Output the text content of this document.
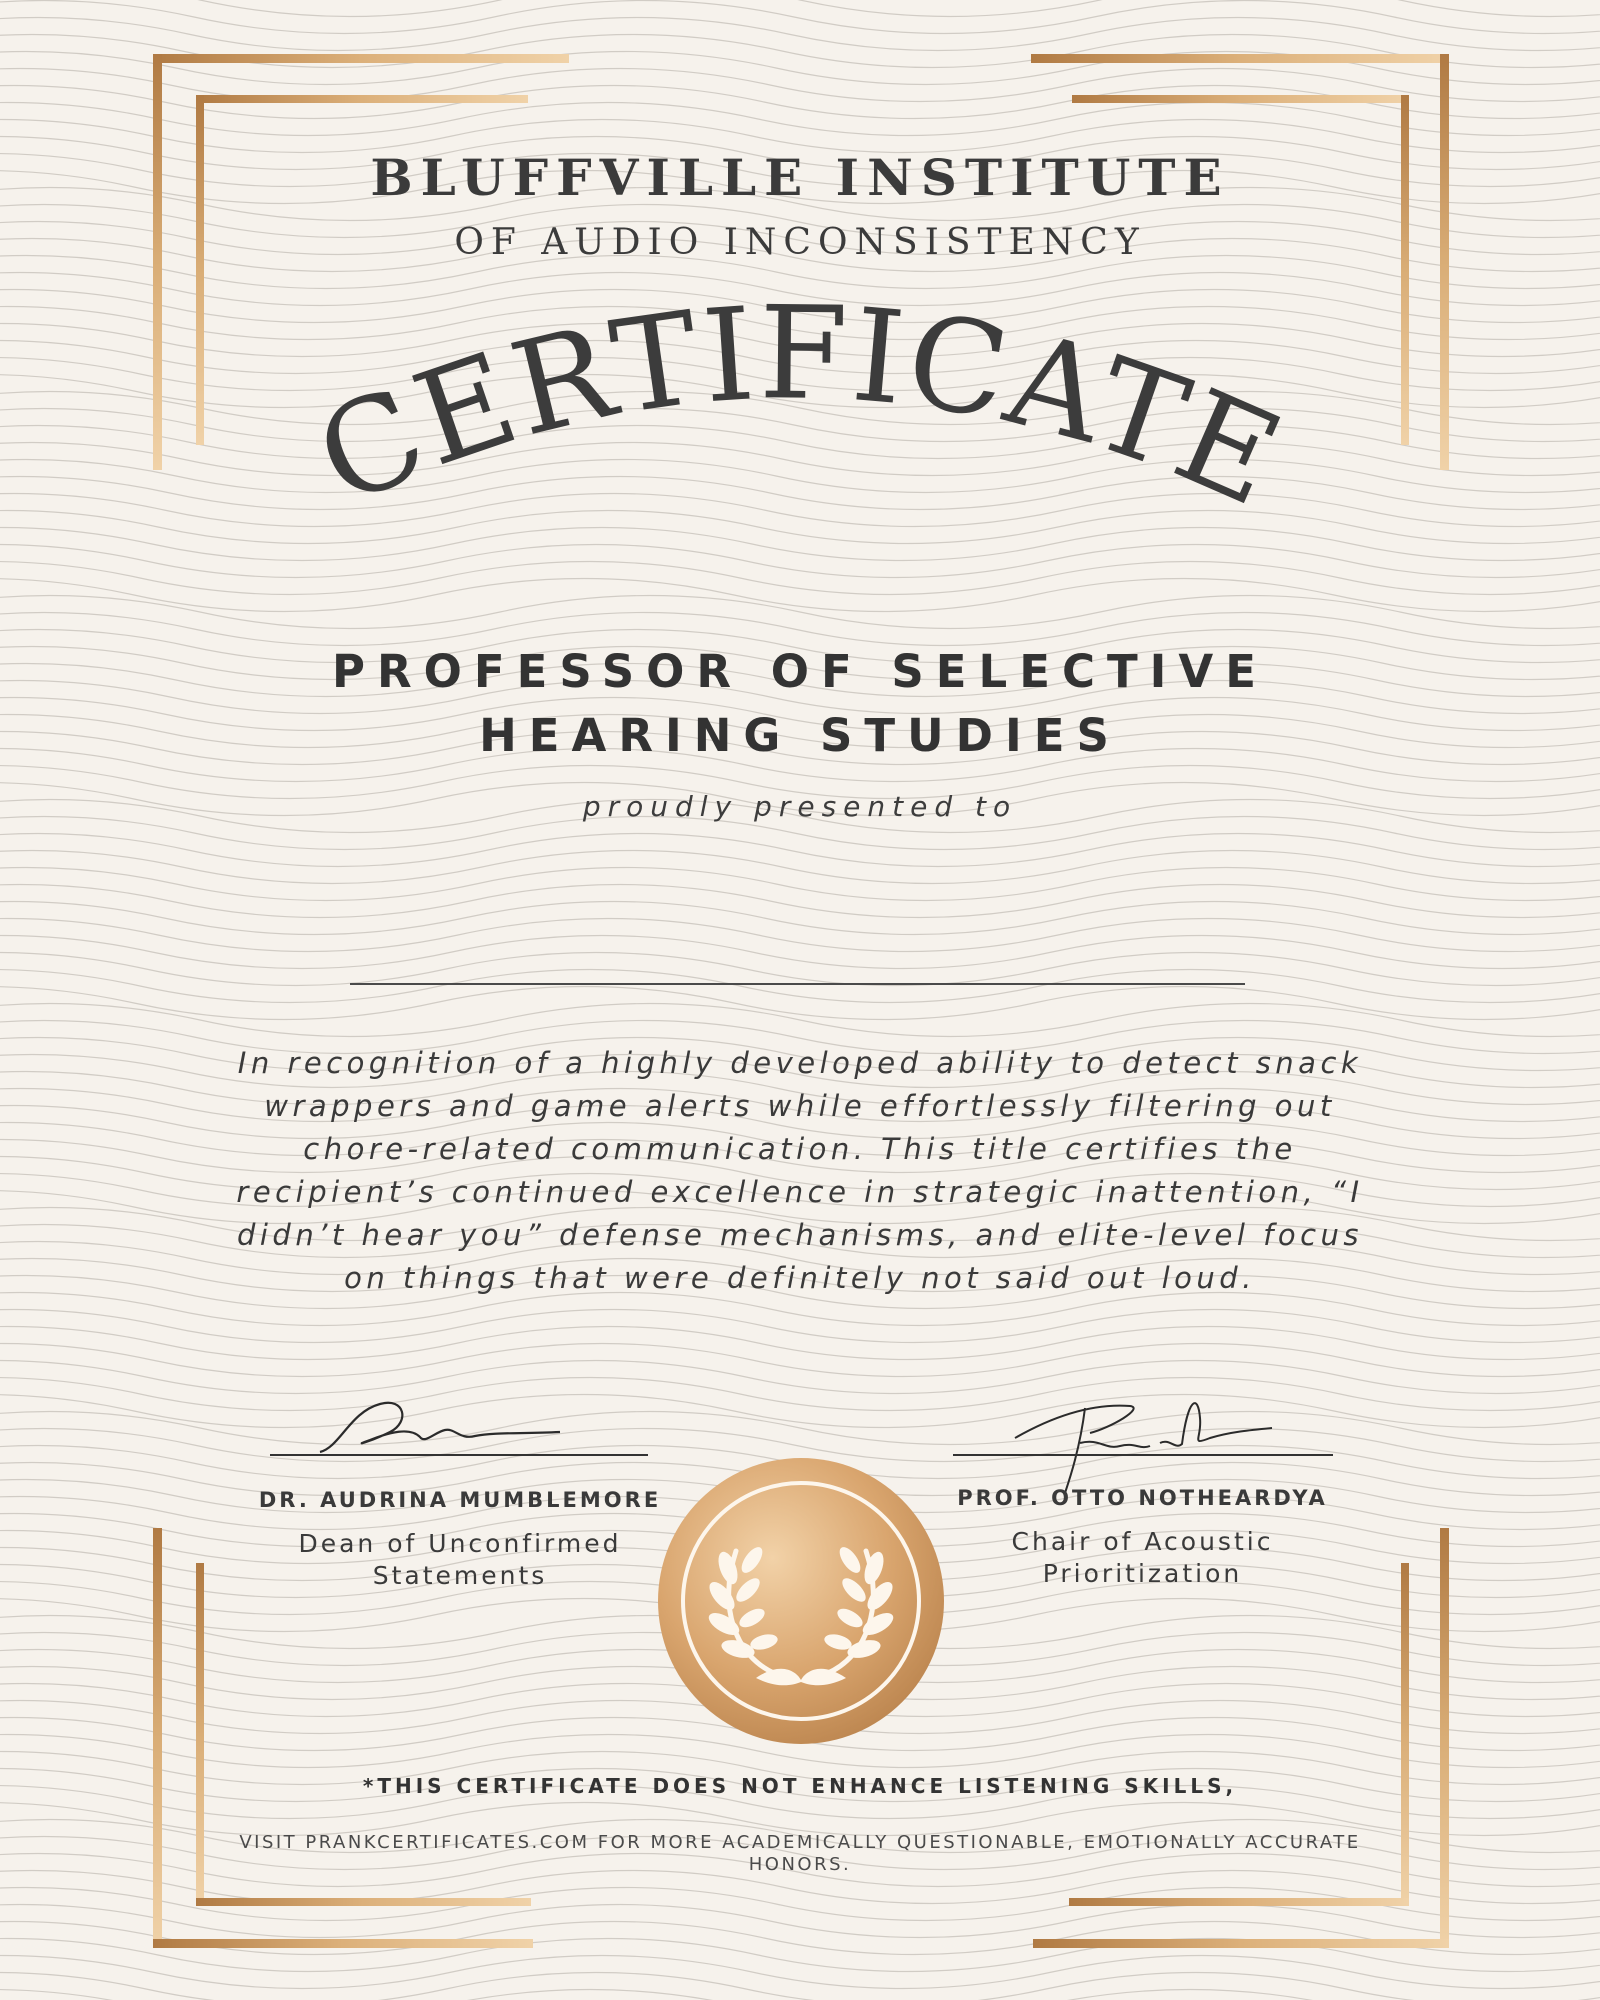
BLUFFVILLE INSTITUTE
OF AUDIO INCONSISTENCY
CERTIFICATE
PROFESSOR OF SELECTIVE HEARING STUDIES
proudly presented to
In recognition of a highly developed ability to detect snack wrappers and game alerts while effortlessly filtering out chore-related communication. This title certifies the recipient’s continued excellence in strategic inattention, “I didn’t hear you” defense mechanisms, and elite-level focus on things that were definitely not said out loud.
DR. AUDRINA MUMBLEMORE
Dean of Unconfirmed Statements
PROF. OTTO NOTHEARDYA
Chair of Acoustic Prioritization
*THIS CERTIFICATE DOES NOT ENHANCE LISTENING SKILLS,
VISIT PRANKCERTIFICATES.COM FOR MORE ACADEMICALLY QUESTIONABLE, EMOTIONALLY ACCURATE HONORS.
